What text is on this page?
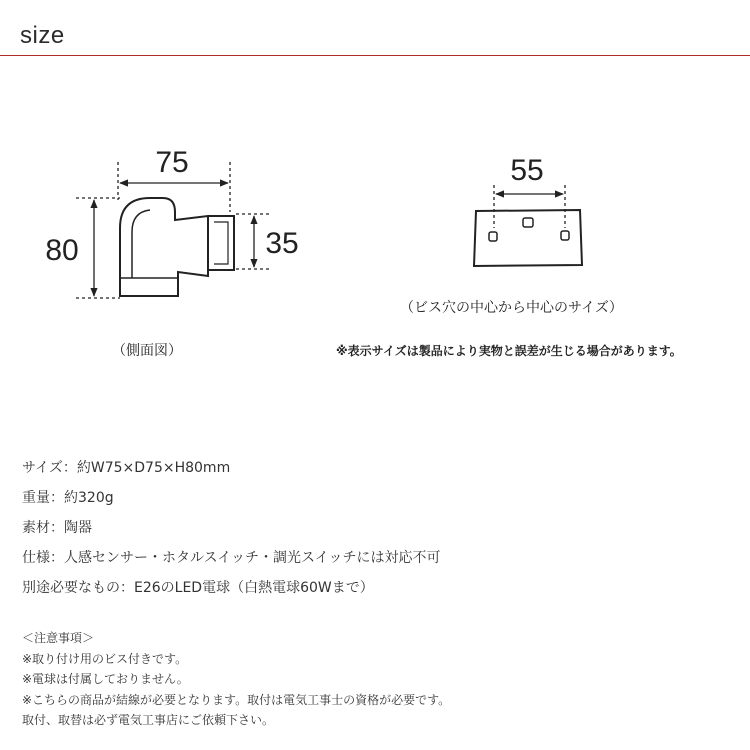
size
75
80	35
55
（側面図）
（ビス穴の中心から中心のサイズ）
※表示サイズは製品により実物と誤差が生じる場合があります。
サイズ：約W75×D75×H80mm
重量：約320g
素材：陶器
仕様：人感センサー・ホタルスイッチ・調光スイッチには対応不可
別途必要なもの：E26のLED電球（白熱電球60Wまで）
＜注意事項＞
※取り付け用のビス付きです。
※電球は付属しておりません。
※こちらの商品が結線が必要となります。取付は電気工事士の資格が必要です。
取付、取替は必ず電気工事店にご依頼下さい。
